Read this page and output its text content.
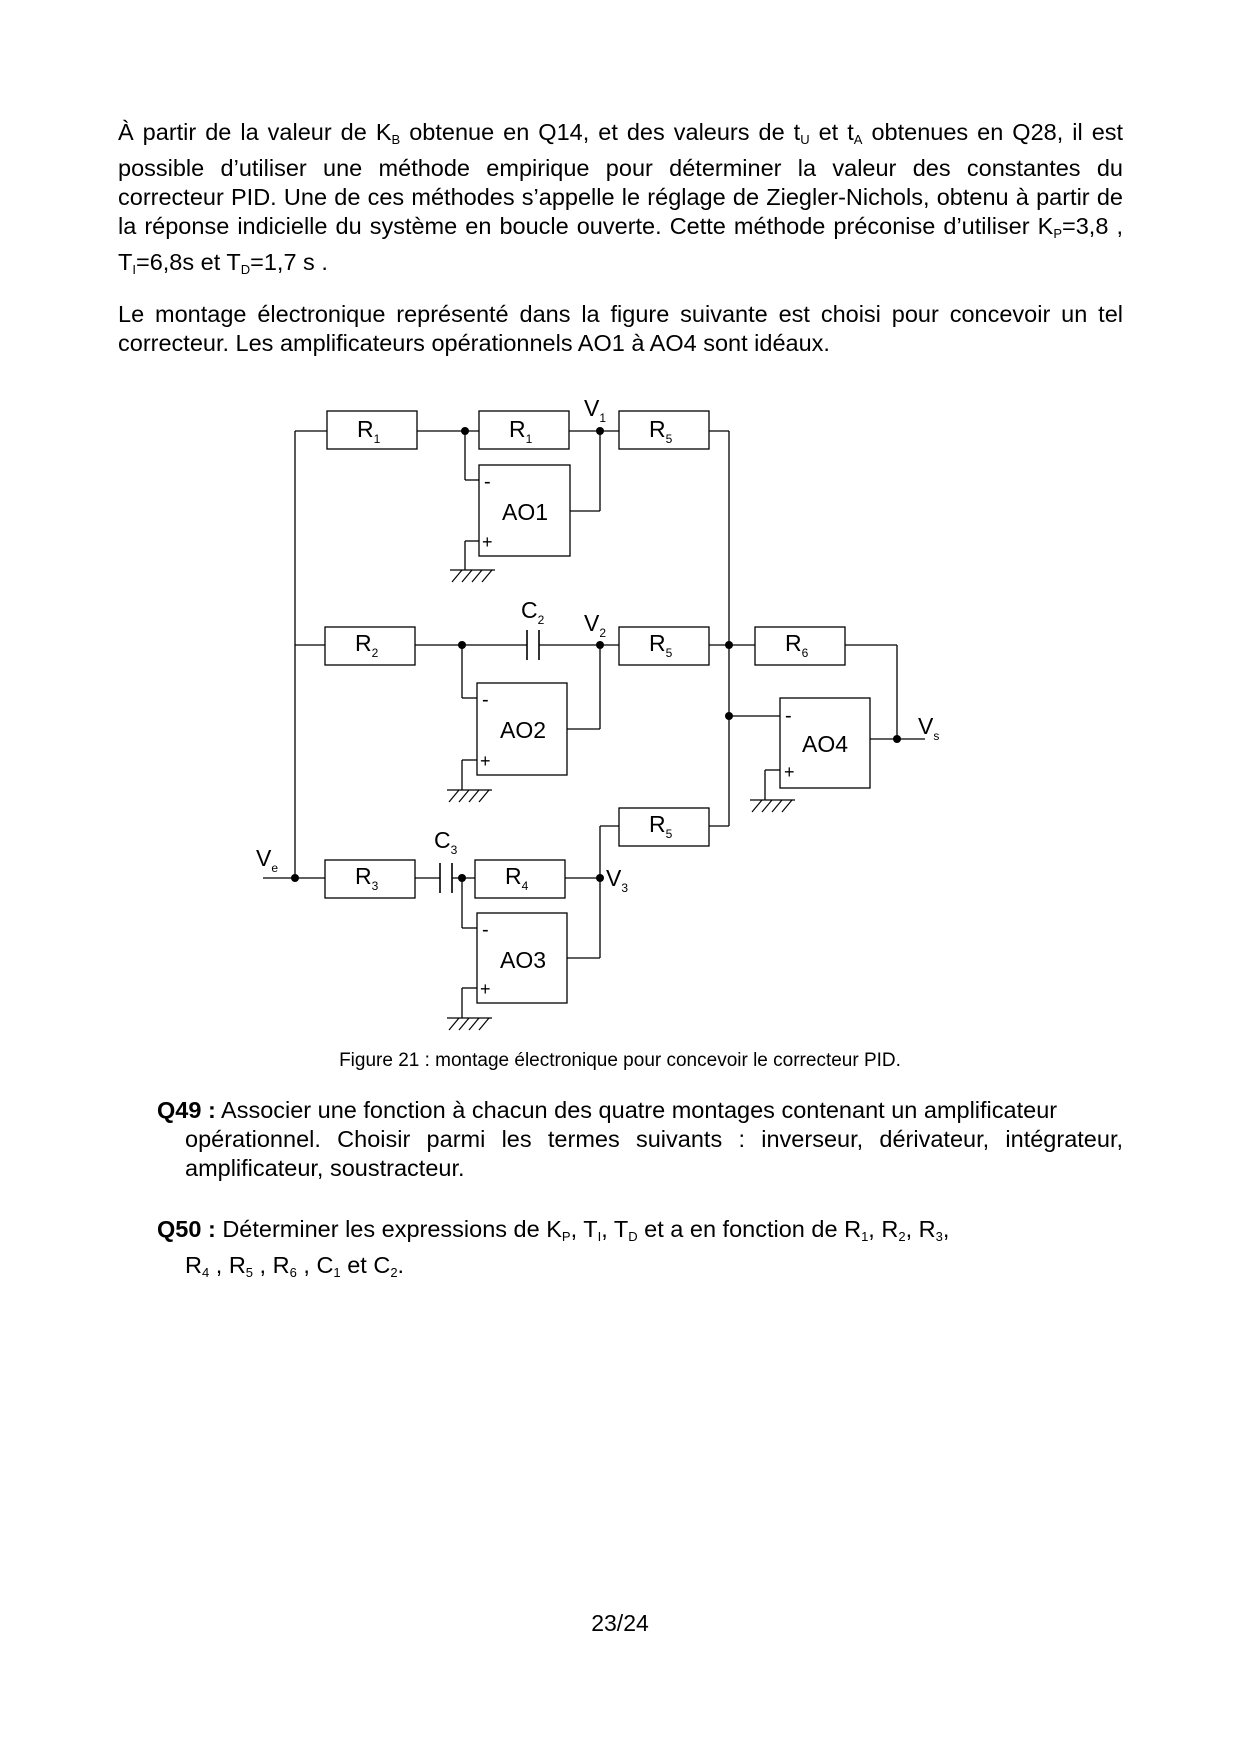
À partir de la valeur de $K_B$ obtenue en Q14, et des valeurs de $t_U$ et $t_A$ obtenues en Q28, il est possible d’utiliser une méthode empirique pour déterminer la valeur des constantes du correcteur PID. Une de ces méthodes s’appelle le réglage de Ziegler-Nichols, obtenu à partir de la réponse indicielle du système en boucle ouverte. Cette méthode préconise d’utiliser $K_P=3,8$ , $T_I=6,8s$ et $T_D=1,7$ s .

Le montage électronique représenté dans la figure suivante est choisi pour concevoir un tel correcteur. Les amplificateurs opérationnels AO1 à AO4 sont idéaux.

$R_1$	$R_1$	$R_5$
$R_2$	$R_5$	$R_6$
$R_5$
$R_3$	$R_4$
$C_2$
$C_3$
AO1
-
+
AO2
-
+
AO3
-
+
AO4
-
+
$V_1$
$V_2$
$V_3$
$V_e$
$V_s$
Figure 21 : montage électronique pour concevoir le correcteur PID.

Q49 : Associer une fonction à chacun des quatre montages contenant un amplificateur
opérationnel. Choisir parmi les termes suivants : inverseur, dérivateur, intégrateur, amplificateur, soustracteur.

Q50 : Déterminer les expressions de $K_P$, $T_I$, $T_D$ et a en fonction de $R_1$, $R_2$, $R_3$,
$R_4$ , $R_5$ , $R_6$ , $C_1$ et $C_2$.

23/24
